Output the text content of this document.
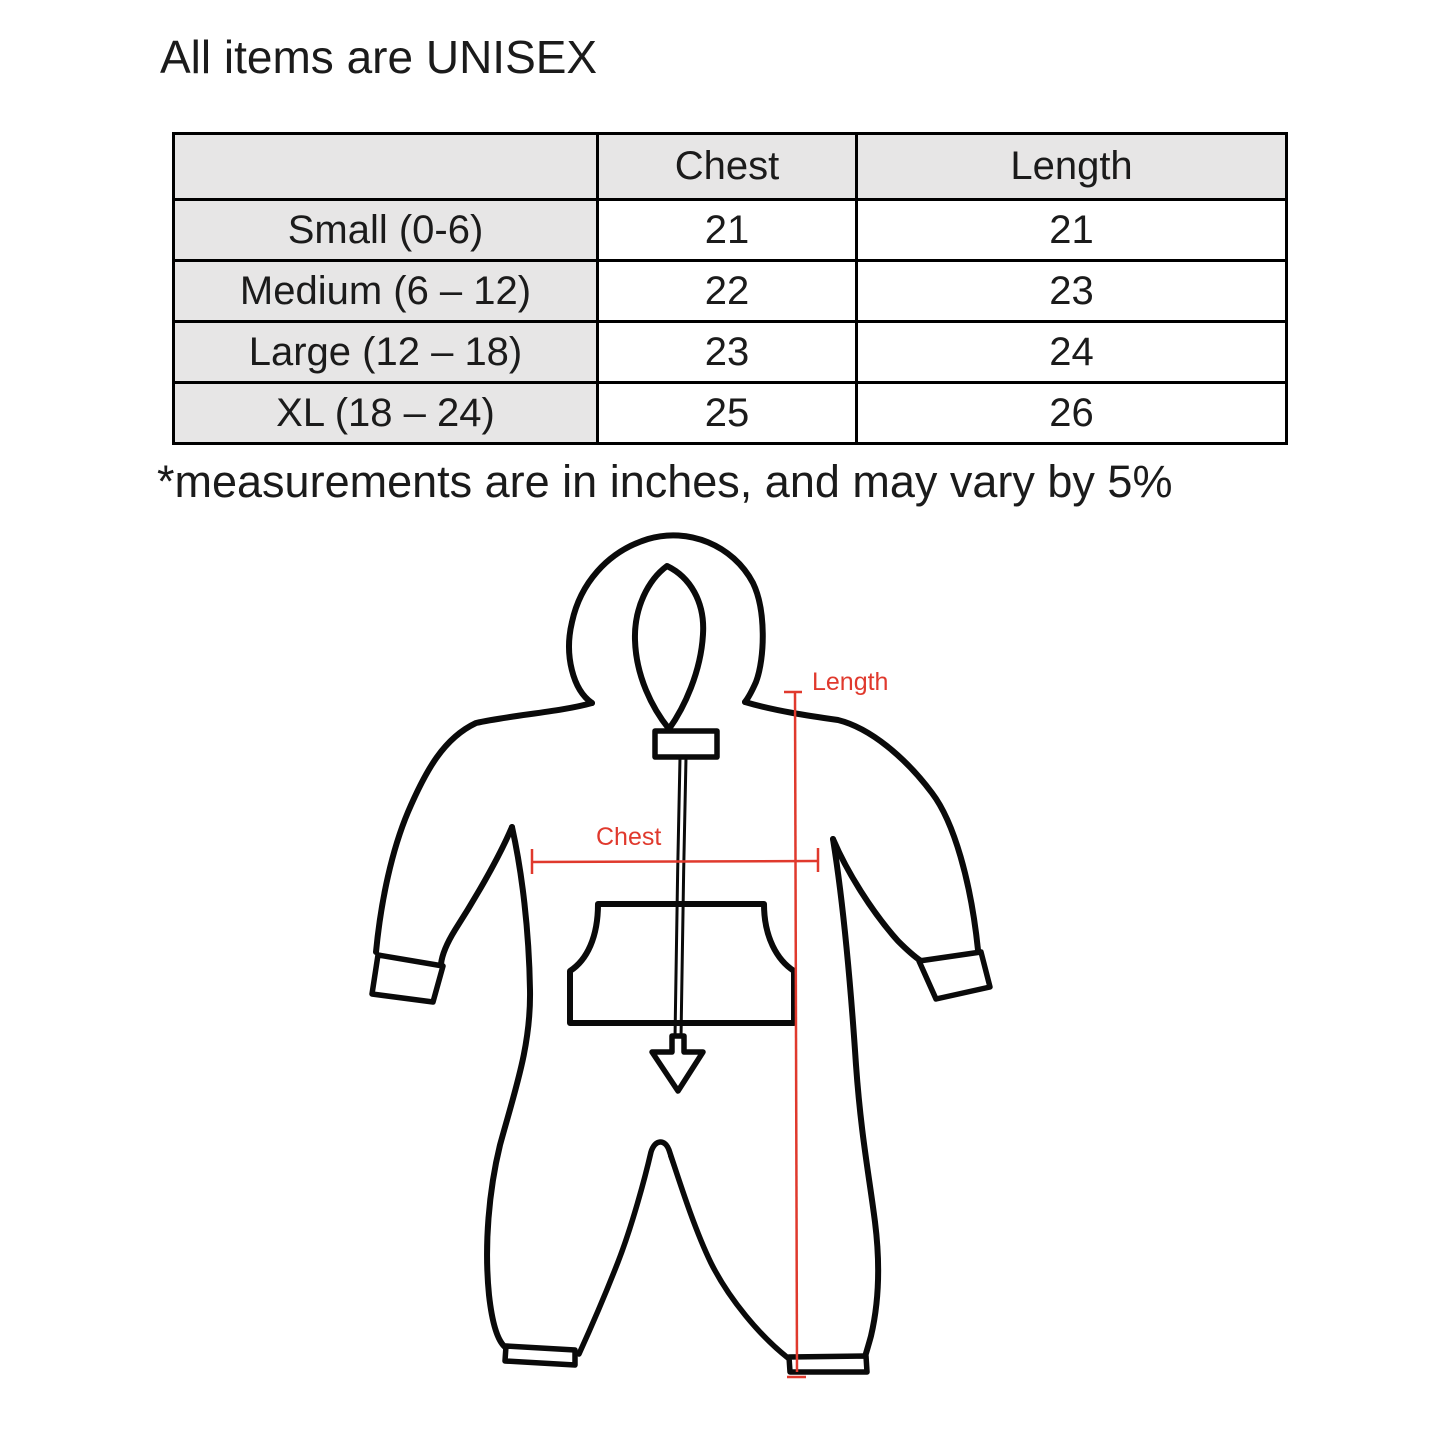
All items are UNISEX
	Chest	Length
Small (0-6)	21	21
Medium (6 – 12)	22	23
Large (12 – 18)	23	24
XL (18 – 24)	25	26

*measurements are in inches, and may vary by 5%

Length
Chest
